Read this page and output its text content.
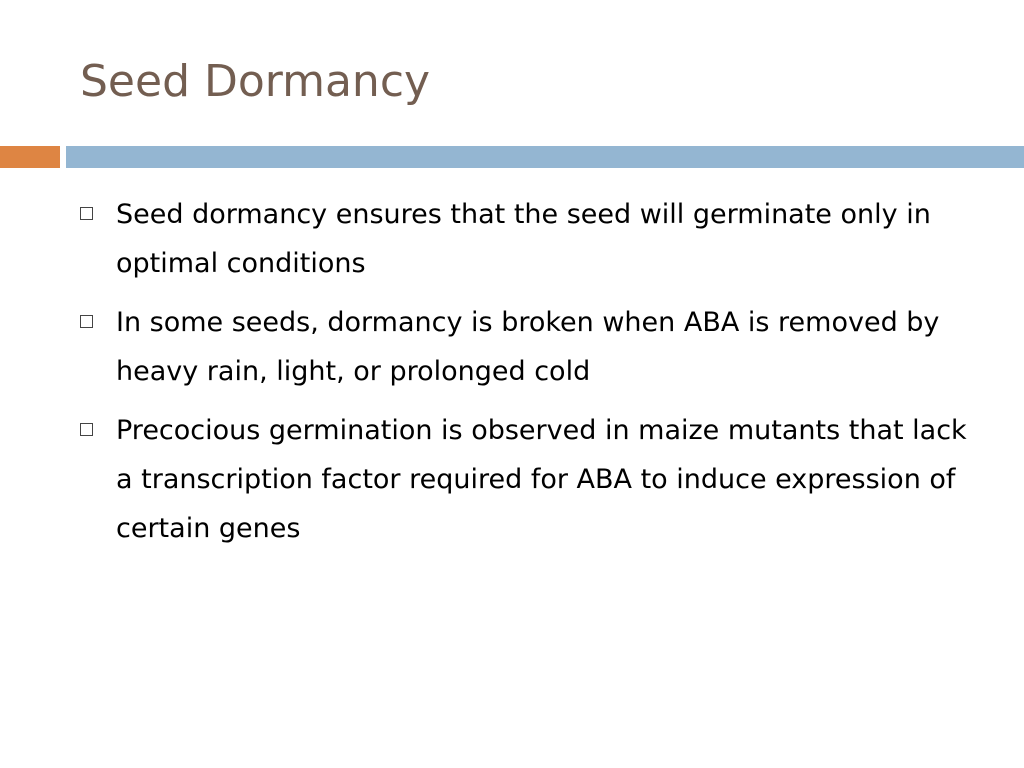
Seed Dormancy
Seed dormancy ensures that the seed will germinate only in optimal conditions
In some seeds, dormancy is broken when ABA is removed by heavy rain, light, or prolonged cold
Precocious germination is observed in maize mutants that lack a transcription factor required for ABA to induce expression of certain genes
